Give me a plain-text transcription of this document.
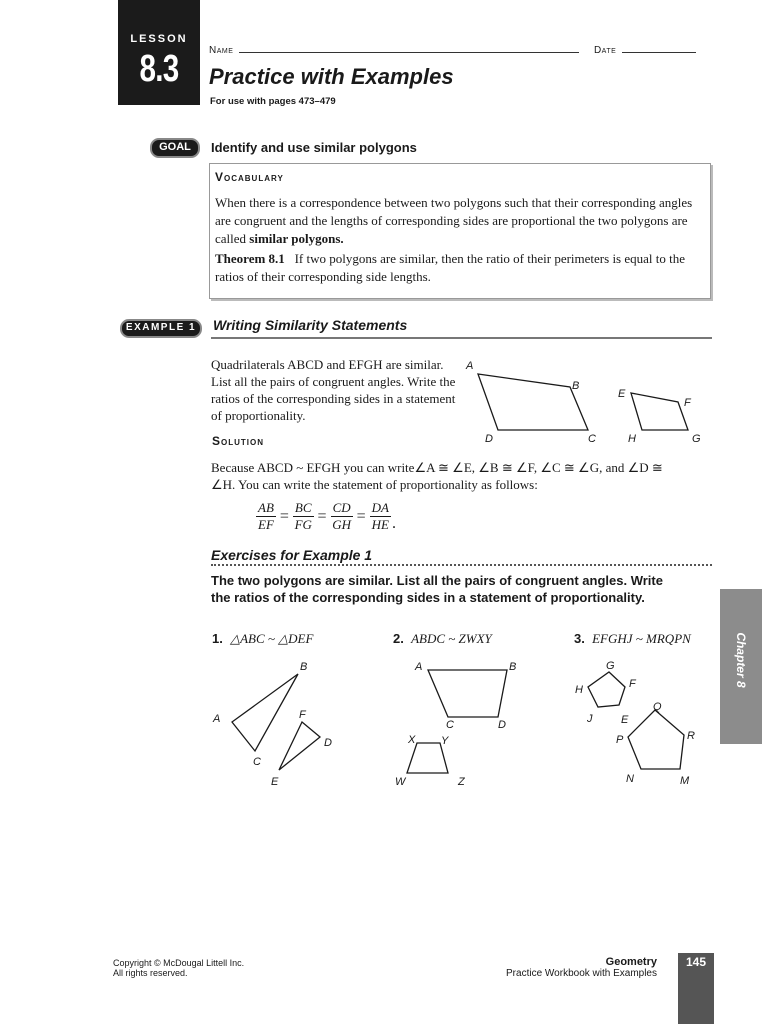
LESSON
8.3	Name	Date
Practice with Examples
For use with pages 473–479
GOAL	Identify and use similar polygons
Vocabulary
When there is a correspondence between two polygons such that their corresponding angles are congruent and the lengths of corresponding sides are proportional the two polygons are called similar polygons.
Theorem 8.1 If two polygons are similar, then the ratio of their perimeters is equal to the ratios of their corresponding side lengths.
EXAMPLE 1	Writing Similarity Statements
Quadrilaterals ABCD and EFGH are similar. List all the pairs of congruent angles. Write the ratios of the corresponding sides in a statement of proportionality.
A
B
C
D
E
F
G
H
Solution
Because ABCD ~ EFGH you can write∠A ≅ ∠E, ∠B ≅ ∠F, ∠C ≅ ∠G, and ∠D ≅ ∠H. You can write the statement of proportionality as follows:
$\frac{AB}{EF} = \frac{BC}{FG} = \frac{CD}{GH} = \frac{DA}{HE}$ .
Exercises for Example 1
The two polygons are similar. List all the pairs of congruent angles. Write the ratios of the corresponding sides in a statement of proportionality.
1. △ABC ~ △DEF	2. ABDC ~ ZWXY	3. EFGHJ ~ MRQPN
A
B
C
D
E
F
A	B
C	D
W
X Y
Z
G
F
H
J	E
Q
P	R
N	M
Chapter 8
Copyright © McDougal Littell Inc.
All rights reserved.
Geometry
Practice Workbook with Examples
145
